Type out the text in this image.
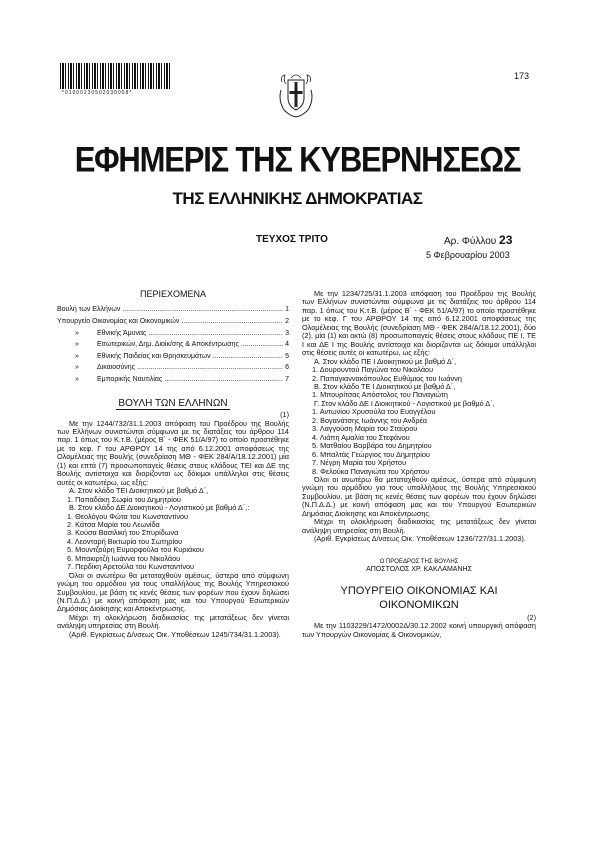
*01000230502030008*
173
ΕΦΗΜΕΡΙΣ ΤΗΣ ΚΥΒΕΡΝΗΣΕΩΣ
ΤΗΣ ΕΛΛΗΝΙΚΗΣ ΔΗΜΟΚΡΑΤΙΑΣ
ΤΕΥΧΟΣ ΤΡΙΤΟ	Αρ. Φύλλου 23
5 Φεβρουαρίου 2003

ΠΕΡΙΕΧΟΜΕΝΑ

Βουλή των Ελλήνων .....	1
Υπουργείο Οικονομίας και Οικονομικών .....	2
»	Εθνικής Άμυνας .....	3
»	Εσωτερικών, Δημ. Διοίκ/σης & Αποκέντρωσης .....	4
»	Εθνικής Παιδείας και Θρησκευμάτων .....	5
»	Δικαιοσύνης .....	6
»	Εμπορικής Ναυτιλίας .....	7

ΒΟΥΛΗ ΤΩΝ ΕΛΛΗΝΩΝ

(1)

Με την 1244/732/31.1.2003 απόφαση του Προέδρου της Βουλής των Ελλήνων συνιστώνται σύμφωνα με τις διατάξεις του άρθρου 114 παρ. 1 όπως του Κ.τ.Β. (μέρος Β΄ - ΦΕΚ 51/Α/97) το οποίο προστέθηκε με το κεφ. Γ του ΑΡΘΡΟΥ 14 της από 6.12.2001 αποφάσεως της Ολομέλειας της Βουλής (συνεδρίαση ΜΘ - ΦΕΚ 284/Α/18.12.2001) μία (1) και επτά (7) προσωποπαγείς θέσεις στους κλάδους ΤΕΙ και ΔΕ της Βουλής αντίστοιχα και διορίζονται ως δόκιμοι υπάλληλοι στις θέσεις αυτές οι κατωτέρω, ως εξής:

Α. Στον κλάδο ΤΕΙ Διοικητικού με βαθμό Δ΄,

1. Παπαδάκη Σωφία του Δημητρίου

Β. Στον κλάδο ΔΕ Διοικητικού - Λογιστικού με βαθμό Δ΄,:

1. Θεολόγου Φώτα του Κωνσταντίνου

2. Κάτσα Μαρία του Λεωνίδα

3. Κούσα Βασιλική του Σπυρίδωνα

4. Λεονταρή Βικτωρία του Σωτηρίου

5. Μουντζούρη Ευμορφούλα του Κυριάκου

6. Μπακιρτζή Ιωάννα του Νικολάου

7. Περδίκη Αρετούλα του Κωνσταντίνου

Όλοι οι ανωτέρω θα μεταταχθούν αμέσως, ύστερα από σύμφωνη γνώμη του αρμόδιου για τους υπαλλήλους της Βουλής Υπηρεσιακού Συμβουλίου, με βάση τις κενές θέσεις των φορέων που έχουν δηλώσει (Ν.Π.Δ.Δ.) με κοινή απόφαση μας και του Υπουργού Εσωτερικών Δημόσιας Διοίκησης και Αποκέντρωσης.

Μέχρι τη ολοκλήρωση διαδικασίας της μετατάξεως δεν γίνεται ανάληψη υπηρεσίας στη Βουλή.

(Αριθ. Εγκρίσεως Δ/νσεως Οικ. Υποθέσεων 1245/734/31.1.2003).

Με την 1234/725/31.1.2003 απόφαση του Προέδρου της Βουλής των Ελλήνων συνιστώνται σύμφωνα με τις διατάξεις του άρθρου 114 παρ. 1 όπως του Κ.τ.Β. (μέρος Β΄ - ΦΕΚ 51/Α/97) το οποίο προστέθηκε με το κεφ. Γ του ΑΡΘΡΟΥ 14 της από 6.12.2001 αποφάσεως της Ολομέλειας της Βουλής (συνεδρίαση ΜΘ - ΦΕΚ 284/Α/18.12.2001), δύο (2), μία (1) και οκτώ (8) προσωποπαγείς θέσεις στους κλάδους ΠΕ Ι, ΤΕ Ι και ΔΕ Ι της Βουλής αντίστοιχα και διορίζονται ως δόκιμοι υπάλληλοι στις θέσεις αυτές οι κατωτέρω, ως εξής:

Α. Στον κλάδο ΠΕ Ι Διοικητικού με βαθμό Δ΄,

1. Δουρουντού Παγώνα του Νικολάου

2. Παπαγιαννακόπουλος Ευθύμιος του Ιωάννη

Β. Στον κλάδο ΤΕ Ι Διοικητικού με βαθμό Δ΄,

1. Μπουρίτσας Απόστολος του Παναγιώτη

Γ. Στον κλάδο ΔΕ Ι Διοικητικού - Λογιστικού με βαθμό Δ΄,

1. Αντωνίου Χρυσούλα του Ευαγγέλου

2. Βογανάτσης Ιωάννης του Ανδρέα

3. Λαγγούση Μαρία του Σταύρου

4. Λιάπη Αμαλία του Στεφάνου

5. Ματθαίου Βαρβάρα του Δημητρίου

6. Μπαλτάς Γεώργιος του Δημητρίου

7. Νέγρη Μαρία του Χρήστου

8. Φελούκα Παναγιώτα του Χρήστου

Όλοι οι ανωτέρω θα μεταταχθούν αμέσως, ύστερα από σύμφωνη γνώμη του αρμόδιου για τους υπαλλήλους της Βουλής Υπηρεσιακού Συμβουλίου, με βάση τις κενές θέσεις των φορέων που έχουν δηλώσει (Ν.Π.Δ.Δ.) με κοινή απόφαση μας και του Υπουργού Εσωτερικών Δημόσιας Διοίκησης και Αποκέντρωσης.

Μέχρι τη ολοκλήρωση διαδικασίας της μετατάξεως δεν γίνεται ανάληψη υπηρεσίας στη Βουλή.

(Αριθ. Εγκρίσεως Δ/νσεως Οικ. Υποθέσεων 1236/727/31.1.2003).

Ο ΠΡΟΕΔΡΟΣ ΤΗΣ ΒΟΥΛΗΣ

ΑΠΟΣΤΟΛΟΣ ΧΡ. ΚΑΚΛΑΜΑΝΗΣ

ΥΠΟΥΡΓΕΙΟ ΟΙΚΟΝΟΜΙΑΣ ΚΑΙ ΟΙΚΟΝΟΜΙΚΩΝ

(2)

Με την 1103229/1472/0002Δ/30.12.2002 κοινή υπουργική απόφαση των Υπουργών Οικονομίας & Οικονομικών,
